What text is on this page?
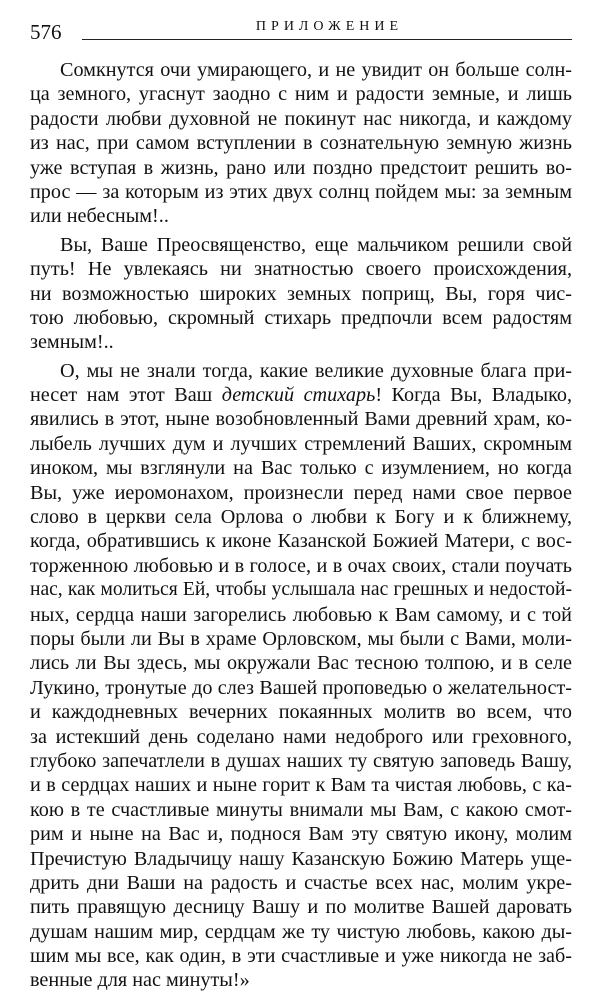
576	ПРИЛОЖЕНИЕ
Сомкнутся очи умирающего, и не увидит он больше солн-
ца земного, угаснут заодно с ним и радости земные, и лишь
радости любви духовной не покинут нас никогда, и каждому
из нас, при самом вступлении в сознательную земную жизнь
уже вступая в жизнь, рано или поздно предстоит решить во-
прос — за которым из этих двух солнц пойдем мы: за земным
или небесным!..
Вы, Ваше Преосвященство, еще мальчиком решили свой
путь! Не увлекаясь ни знатностью своего происхождения,
ни возможностью широких земных поприщ, Вы, горя чис-
тою любовью, скромный стихарь предпочли всем радостям
земным!..
О, мы не знали тогда, какие великие духовные блага при-
несет нам этот Ваш детский стихарь! Когда Вы, Владыко,
явились в этот, ныне возобновленный Вами древний храм, ко-
лыбель лучших дум и лучших стремлений Ваших, скромным
иноком, мы взглянули на Вас только с изумлением, но когда
Вы, уже иеромонахом, произнесли перед нами свое первое
слово в церкви села Орлова о любви к Богу и к ближнему,
когда, обратившись к иконе Казанской Божией Матери, с вос-
торженною любовью и в голосе, и в очах своих, стали поучать
нас, как молиться Ей, чтобы услышала нас грешных и недостой-
ных, сердца наши загорелись любовью к Вам самому, и с той
поры были ли Вы в храме Орловском, мы были с Вами, моли-
лись ли Вы здесь, мы окружали Вас тесною толпою, и в селе
Лукино, тронутые до слез Вашей проповедью о желательност-
и каждодневных вечерних покаянных молитв во всем, что
за истекший день соделано нами недоброго или греховного,
глубоко запечатлели в душах наших ту святую заповедь Вашу,
и в сердцах наших и ныне горит к Вам та чистая любовь, с ка-
кою в те счастливые минуты внимали мы Вам, с какою смот-
рим и ныне на Вас и, поднося Вам эту святую икону, молим
Пречистую Владычицу нашу Казанскую Божию Матерь уще-
дрить дни Ваши на радость и счастье всех нас, молим укре-
пить правящую десницу Вашу и по молитве Вашей даровать
душам нашим мир, сердцам же ту чистую любовь, какою ды-
шим мы все, как один, в эти счастливые и уже никогда не заб-
венные для нас минуты!»
